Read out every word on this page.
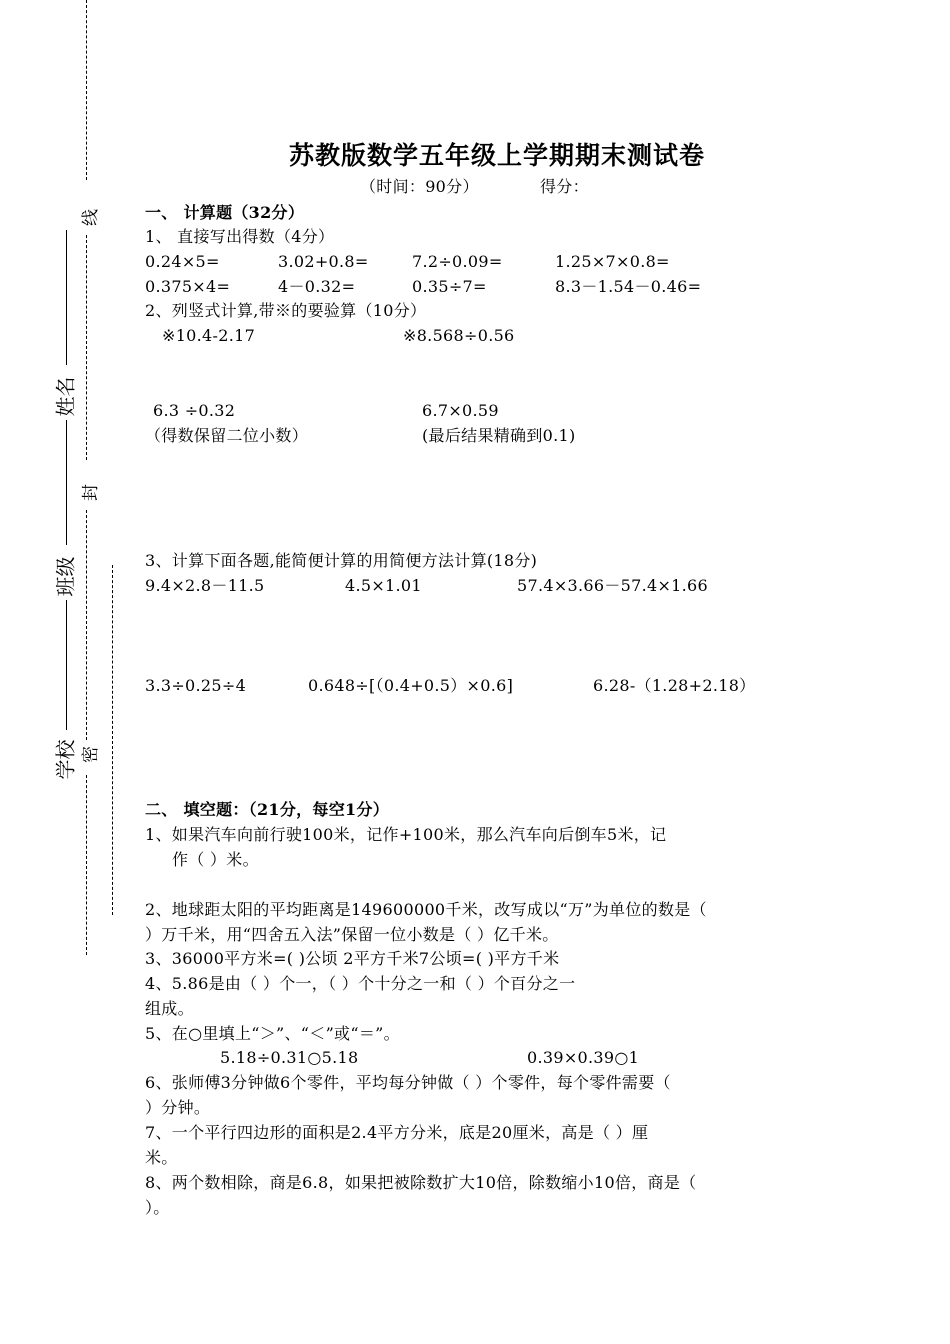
线
封
密
姓名
班级
学校
苏教版数学五年级上学期期末测试卷
（时间：90分）	得分：
一、 计算题（32分）
1、 直接写出得数（4分）
0.24×5=	3.02+0.8=	7.2÷0.09=	1.25×7×0.8=
0.375×4=	4－0.32=	0.35÷7=	8.3－1.54－0.46=
2、列竖式计算,带※的要验算（10分）
※10.4-2.17	※8.568÷0.56
6.3 ÷0.32	6.7×0.59
（得数保留二位小数）	(最后结果精确到0.1)
3、计算下面各题,能简便计算的用简便方法计算(18分)
9.4×2.8－11.5	4.5×1.01	57.4×3.66－57.4×1.66
3.3÷0.25÷4	0.648÷[（0.4+0.5）×0.6]	6.28-（1.28+2.18）
二、 填空题：（21分，每空1分）
1、如果汽车向前行驶100米，记作+100米，那么汽车向后倒车5米，记
作（ ）米。
2、地球距太阳的平均距离是149600000千米，改写成以“万”为单位的数是（
）万千米，用“四舍五入法”保留一位小数是（ ）亿千米。
3、36000平方米=( )公顷 2平方千米7公顷=( )平方千米
4、5.86是由（ ）个一，（ ）个十分之一和（ ）个百分之一
组成。
5、在○里填上“＞”、“＜”或“＝”。
5.18÷0.31○5.18	0.39×0.39○1
6、张师傅3分钟做6个零件，平均每分钟做（ ）个零件，每个零件需要（
）分钟。
7、一个平行四边形的面积是2.4平方分米，底是20厘米，高是（ ）厘
米。
8、两个数相除，商是6.8，如果把被除数扩大10倍，除数缩小10倍，商是（
）。
